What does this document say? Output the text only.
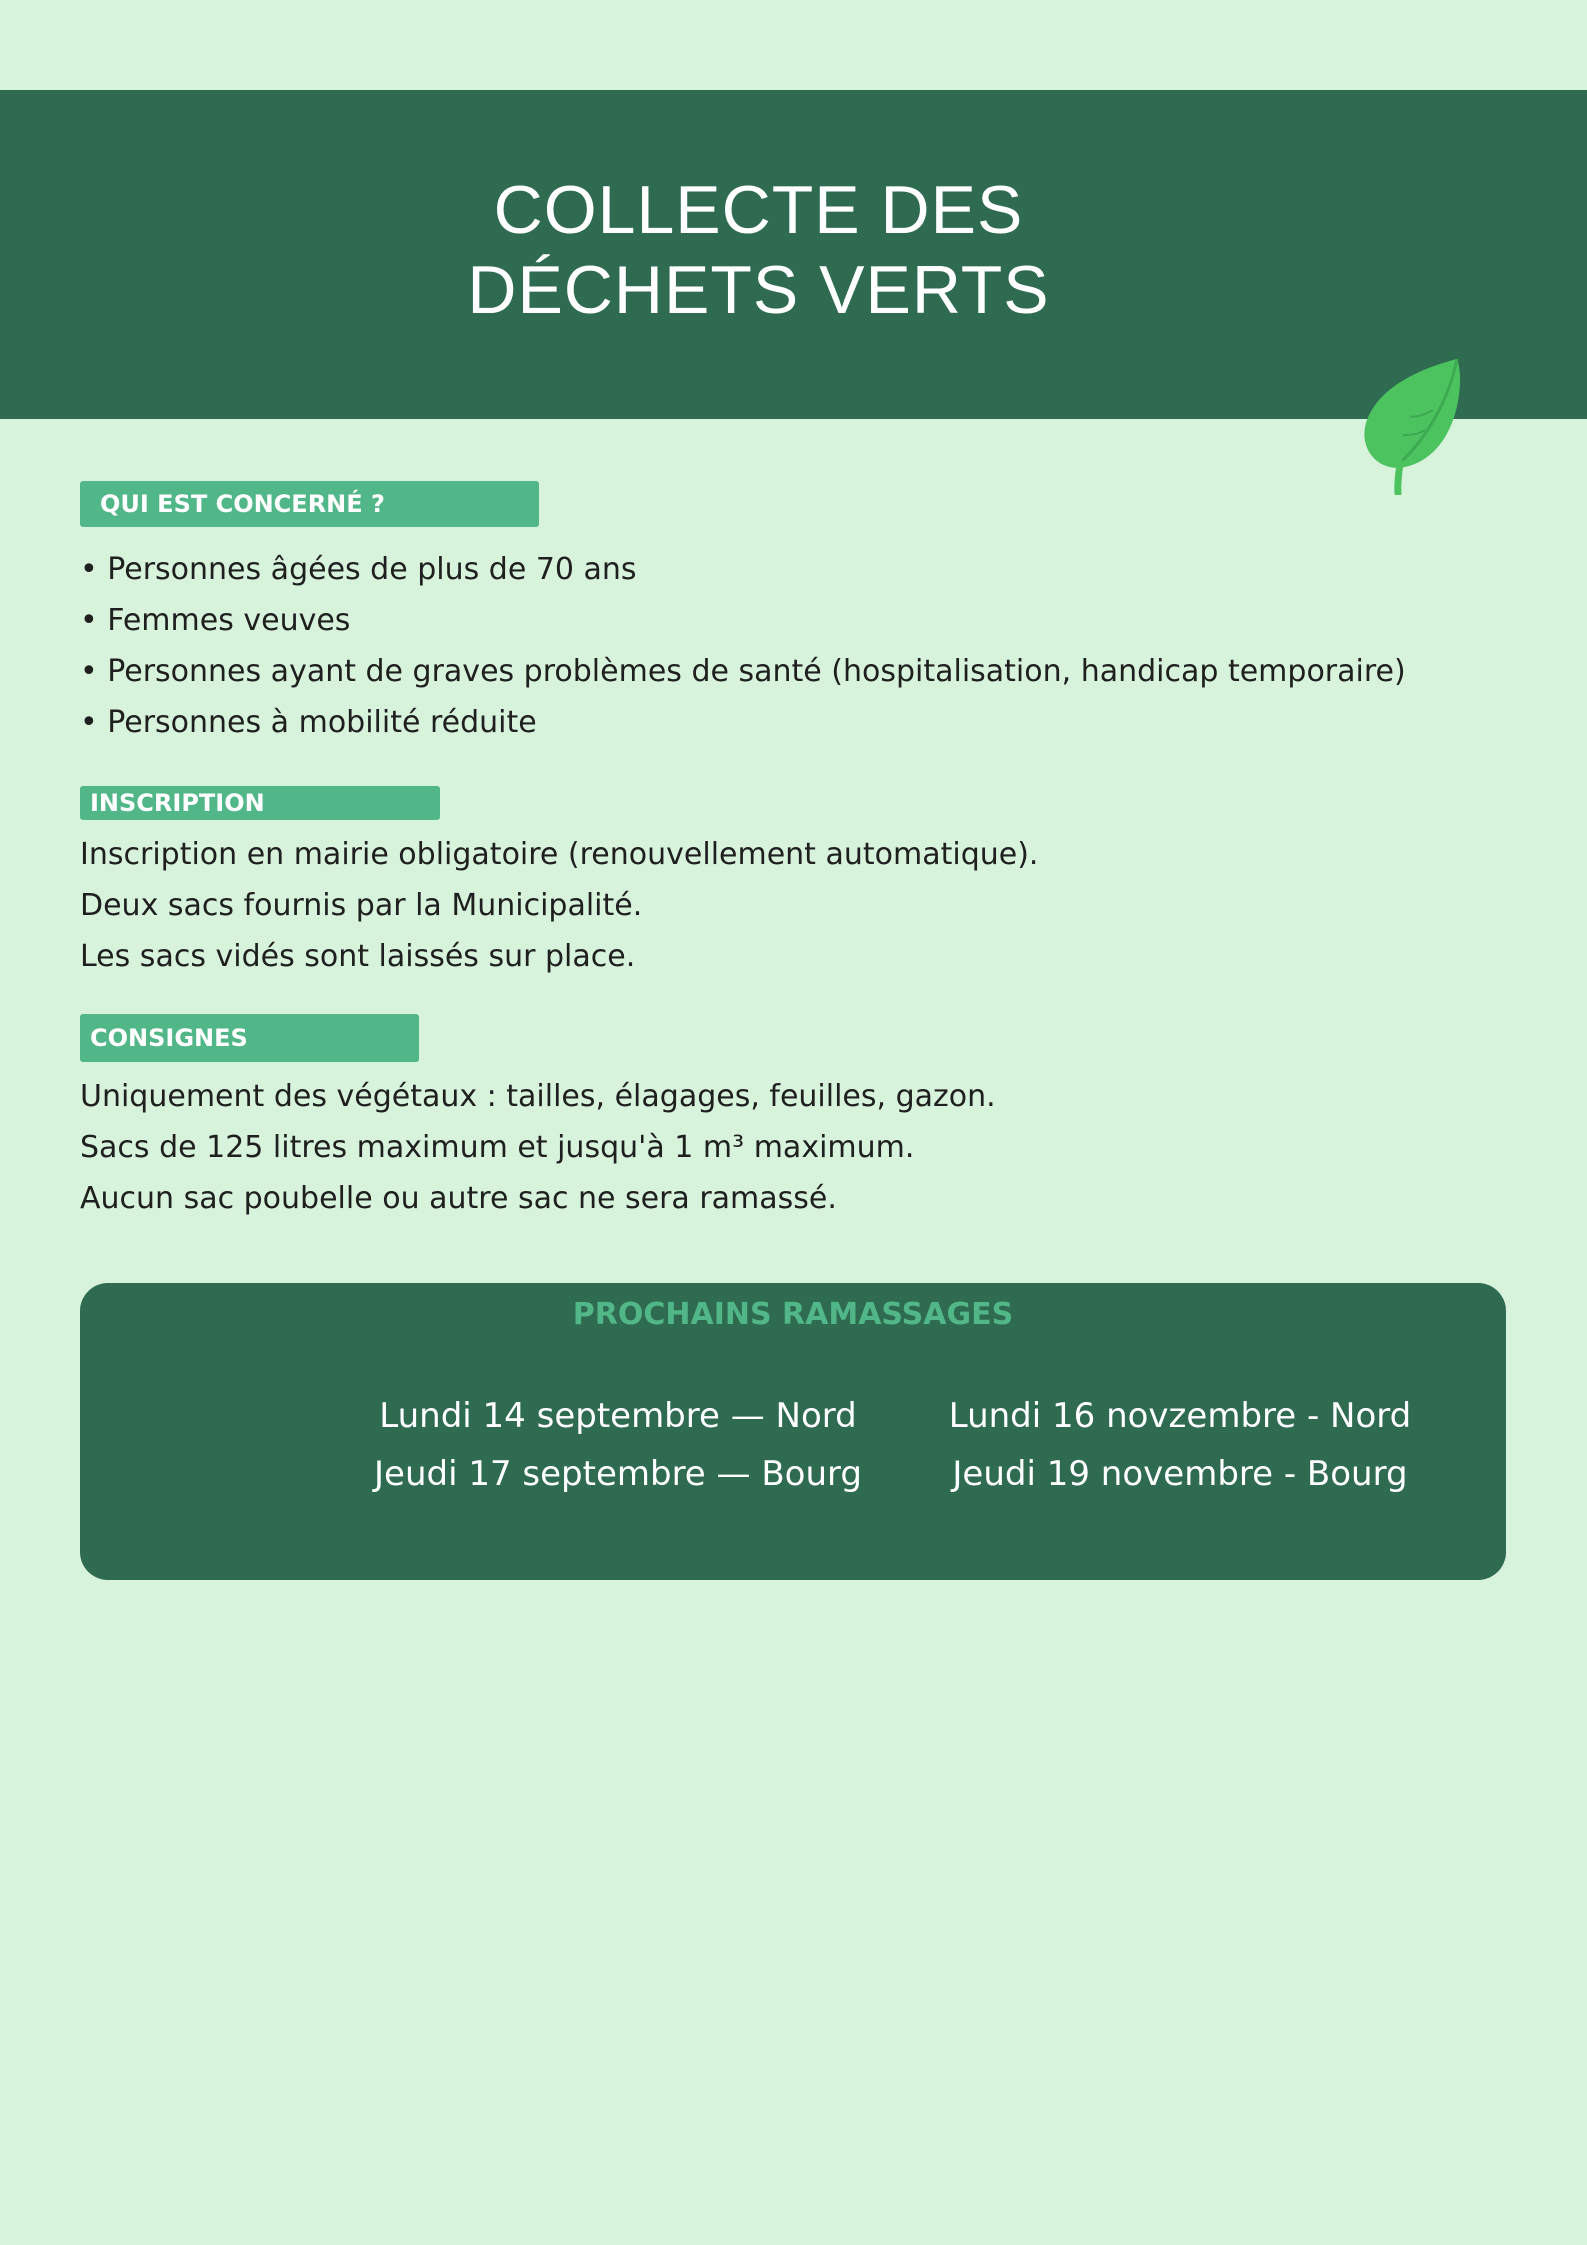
COLLECTE DES
DÉCHETS VERTS
QUI EST CONCERNÉ ?
• Personnes âgées de plus de 70 ans
• Femmes veuves
• Personnes ayant de graves problèmes de santé (hospitalisation, handicap temporaire)
• Personnes à mobilité réduite
INSCRIPTION
Inscription en mairie obligatoire (renouvellement automatique).
Deux sacs fournis par la Municipalité.
Les sacs vidés sont laissés sur place.
CONSIGNES
Uniquement des végétaux : tailles, élagages, feuilles, gazon.
Sacs de 125 litres maximum et jusqu'à 1 m³ maximum.
Aucun sac poubelle ou autre sac ne sera ramassé.
PROCHAINS RAMASSAGES
Lundi 14 septembre — Nord
Jeudi 17 septembre — Bourg
Lundi 16 novzembre - Nord
Jeudi 19 novembre - Bourg
